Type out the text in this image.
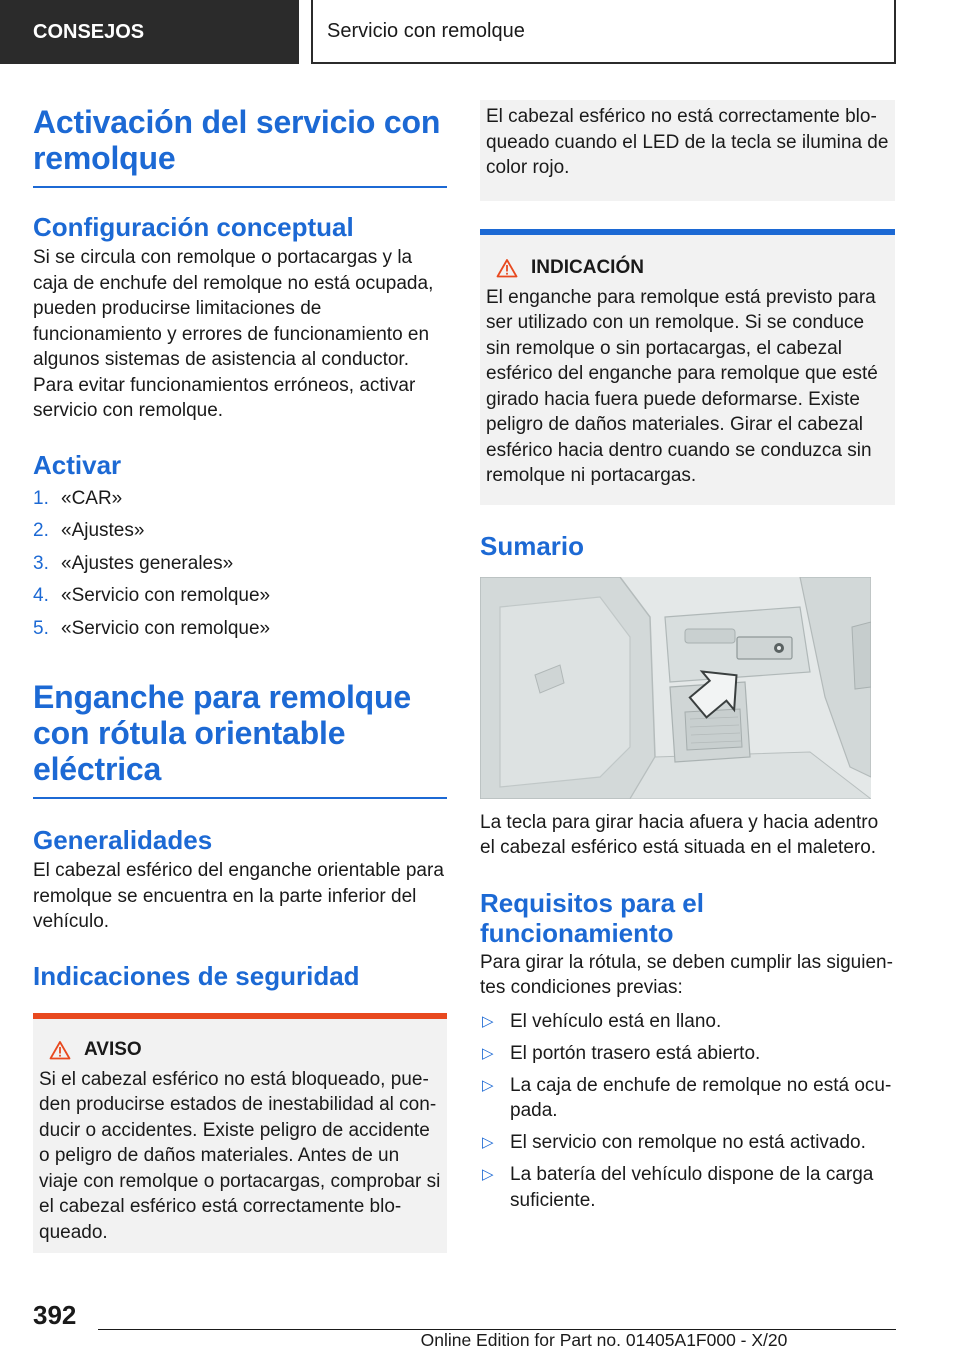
CONSEJOS	Servicio con remolque
Activación del servicio con remolque
Configuración conceptual

Si se circula con remolque o portacargas y la caja de enchufe del remolque no está ocupada, pueden producirse limitaciones de funcionamiento y errores de funcionamiento en algunos sistemas de asistencia al conductor. Para evitar funcionamientos erróneos, activar servicio con remolque.

Activar
1. «CAR»
2. «Ajustes»
3. «Ajustes generales»
4. «Servicio con remolque»
5. «Servicio con remolque»
Enganche para remolque con rótula orientable eléctrica
Generalidades

El cabezal esférico del enganche orientable para remolque se encuentra en la parte inferior del vehículo.

Indicaciones de seguridad
AVISO

Si el cabezal esférico no está bloqueado, pueden producirse estados de inestabilidad al conducir o accidentes. Existe peligro de accidente o peligro de daños materiales. Antes de un viaje con remolque o portacargas, comprobar si el cabezal esférico está correctamente bloqueado.

El cabezal esférico no está correctamente bloqueado cuando el LED de la tecla se ilumina de color rojo.

INDICACIÓN

El enganche para remolque está previsto para ser utilizado con un remolque. Si se conduce sin remolque o sin portacargas, el cabezal esférico del enganche para remolque que esté girado hacia fuera puede deformarse. Existe peligro de daños materiales. Girar el cabezal esférico hacia dentro cuando se conduzca sin remolque ni portacargas.

Sumario

La tecla para girar hacia afuera y hacia adentro el cabezal esférico está situada en el maletero.

Requisitos para el funcionamiento

Para girar la rótula, se deben cumplir las siguientes condiciones previas:

▷ El vehículo está en llano.
▷ El portón trasero está abierto.
▷ La caja de enchufe de remolque no está ocupada.
▷ El servicio con remolque no está activado.
▷ La batería del vehículo dispone de la carga suficiente.
392
Online Edition for Part no. 01405A1F000 - X/20
